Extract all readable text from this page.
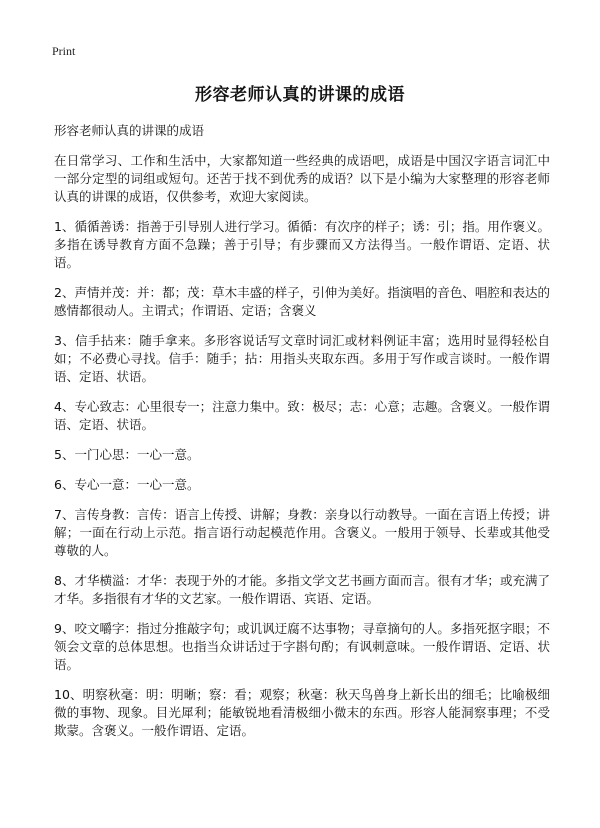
Print
形容老师认真的讲课的成语

形容老师认真的讲课的成语

在日常学习、工作和生活中，大家都知道一些经典的成语吧，成语是中国汉字语言词汇中一部分定型的词组或短句。还苦于找不到优秀的成语？以下是小编为大家整理的形容老师认真的讲课的成语，仅供参考，欢迎大家阅读。

1、循循善诱：指善于引导别人进行学习。循循：有次序的样子；诱：引；指。用作褒义。多指在诱导教育方面不急躁；善于引导；有步骤而又方法得当。一般作谓语、定语、状语。

2、声情并茂：并：都；茂：草木丰盛的样子，引伸为美好。指演唱的音色、唱腔和表达的感情都很动人。主谓式；作谓语、定语；含褒义

3、信手拈来：随手拿来。多形容说话写文章时词汇或材料例证丰富；选用时显得轻松自如；不必费心寻找。信手：随手；拈：用指头夹取东西。多用于写作或言谈时。一般作谓语、定语、状语。

4、专心致志：心里很专一；注意力集中。致：极尽；志：心意；志趣。含褒义。一般作谓语、定语、状语。

5、一门心思：一心一意。

6、专心一意：一心一意。

7、言传身教：言传：语言上传授、讲解；身教：亲身以行动教导。一面在言语上传授；讲解；一面在行动上示范。指言语行动起模范作用。含褒义。一般用于领导、长辈或其他受尊敬的人。

8、才华横溢：才华：表现于外的才能。多指文学文艺书画方面而言。很有才华；或充满了才华。多指很有才华的文艺家。一般作谓语、宾语、定语。

9、咬文嚼字：指过分推敲字句；或讥讽迂腐不达事物；寻章摘句的人。多指死抠字眼；不领会文章的总体思想。也指当众讲话过于字斟句酌；有讽刺意味。一般作谓语、定语、状语。

10、明察秋毫：明：明晰；察：看；观察；秋毫：秋天鸟兽身上新长出的细毛；比喻极细微的事物、现象。目光犀利；能敏锐地看清极细小微末的东西。形容人能洞察事理；不受欺蒙。含褒义。一般作谓语、定语。
